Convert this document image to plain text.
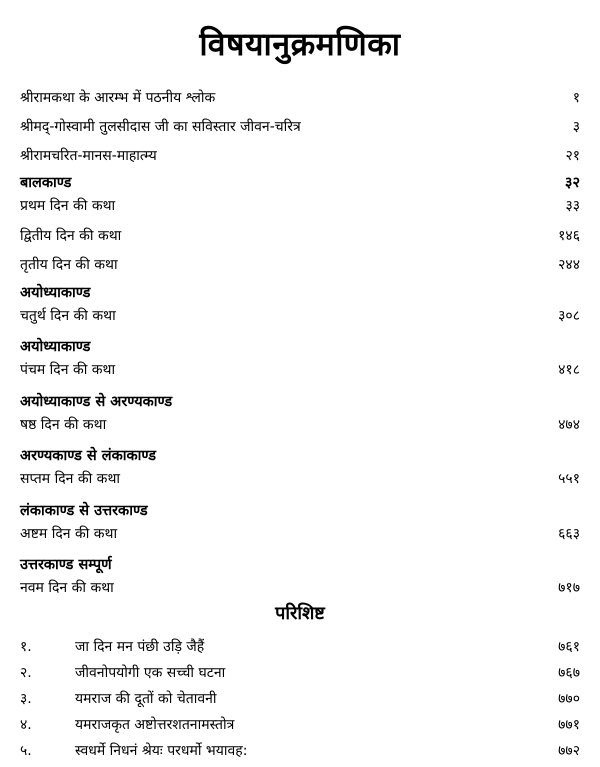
विषयानुक्रमणिका
श्रीरामकथा के आरम्भ में पठनीय श्लोक	१
श्रीमद्-गोस्वामी तुलसीदास जी का सविस्तार जीवन-चरित्र	३
श्रीरामचरित-मानस-माहात्म्य	२१
बालकाण्ड	३२
प्रथम दिन की कथा	३३
द्वितीय दिन की कथा	१४६
तृतीय दिन की कथा	२४४
अयोध्याकाण्ड
चतुर्थ दिन की कथा	३०८
अयोध्याकाण्ड
पंचम दिन की कथा	४१८
अयोध्याकाण्ड से अरण्यकाण्ड
षष्ठ दिन की कथा	४७४
अरण्यकाण्ड से लंकाकाण्ड
सप्तम दिन की कथा	५५१
लंकाकाण्ड से उत्तरकाण्ड
अष्टम दिन की कथा	६६३
उत्तरकाण्ड सम्पूर्ण
नवम दिन की कथा	७१७
परिशिष्ट
१.	जा दिन मन पंछी उड़ि जैहैं	७६१
२.	जीवनोपयोगी एक सच्ची घटना	७६७
३.	यमराज की दूतों को चेतावनी	७७०
४.	यमराजकृत अष्टोत्तरशतनामस्तोत्र	७७१
५.	स्वधर्मे निधनं श्रेयः परधर्मो भयावह:	७७२
